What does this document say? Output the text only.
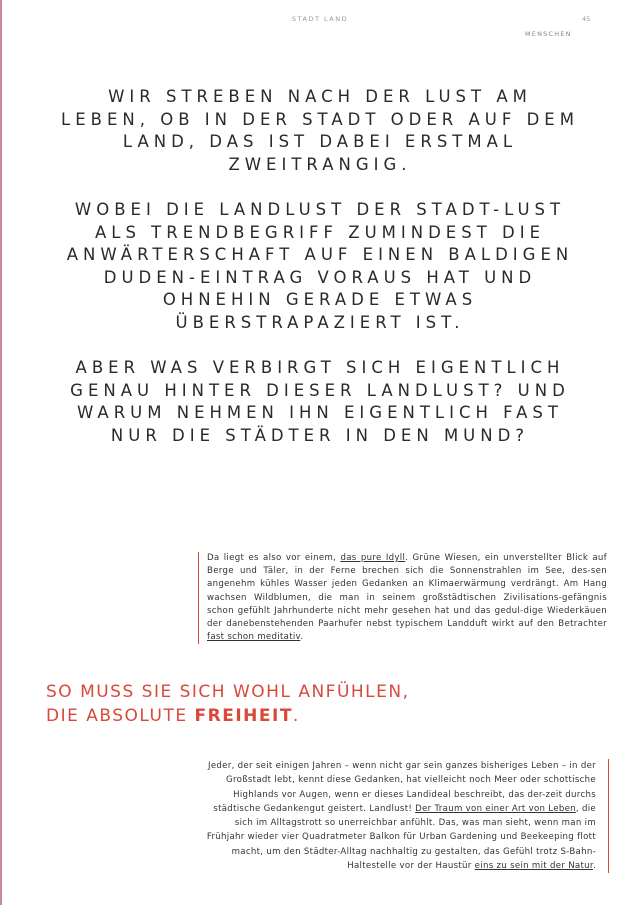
STADT LAND	45
MENSCHEN

WIR STREBEN NACH DER LUST AM LEBEN, OB IN DER STADT ODER AUF DEM LAND, DAS IST DABEI ERSTMAL ZWEITRANGIG.

WOBEI DIE LANDLUST DER STADT-LUST ALS TRENDBEGRIFF ZUMINDEST DIE ANWÄRTERSCHAFT AUF EINEN BALDIGEN DUDEN-EINTRAG VORAUS HAT UND OHNEHIN GERADE ETWAS ÜBERSTRAPAZIERT IST.

ABER WAS VERBIRGT SICH EIGENTLICH GENAU HINTER DIESER LANDLUST? UND WARUM NEHMEN IHN EIGENTLICH FAST NUR DIE STÄDTER IN DEN MUND?

Da liegt es also vor einem, das pure Idyll. Grüne Wiesen, ein unverstellter Blick auf Berge und Täler, in der Ferne brechen sich die Sonnenstrahlen im See, des-sen angenehm kühles Wasser jeden Gedanken an Klimaerwärmung verdrängt. Am Hang wachsen Wildblumen, die man in seinem großstädtischen Zivilisations-gefängnis schon gefühlt Jahrhunderte nicht mehr gesehen hat und das gedul-dige Wiederkäuen der danebenstehenden Paarhufer nebst typischem Landduft wirkt auf den Betrachter fast schon meditativ.
SO MUSS SIE SICH WOHL ANFÜHLEN,
DIE ABSOLUTE FREIHEIT.
Jeder, der seit einigen Jahren – wenn nicht gar sein ganzes bisheriges Leben – in der Großstadt lebt, kennt diese Gedanken, hat vielleicht noch Meer oder schottische Highlands vor Augen, wenn er dieses Landideal beschreibt, das der-zeit durchs städtische Gedankengut geistert. Landlust! Der Traum von einer Art von Leben, die sich im Alltagstrott so unerreichbar anfühlt. Das, was man sieht, wenn man im Frühjahr wieder vier Quadratmeter Balkon für Urban Gardening und Beekeeping flott macht, um den Städter-Alltag nachhaltig zu gestalten, das Gefühl trotz S-Bahn-Haltestelle vor der Haustür eins zu sein mit der Natur.
